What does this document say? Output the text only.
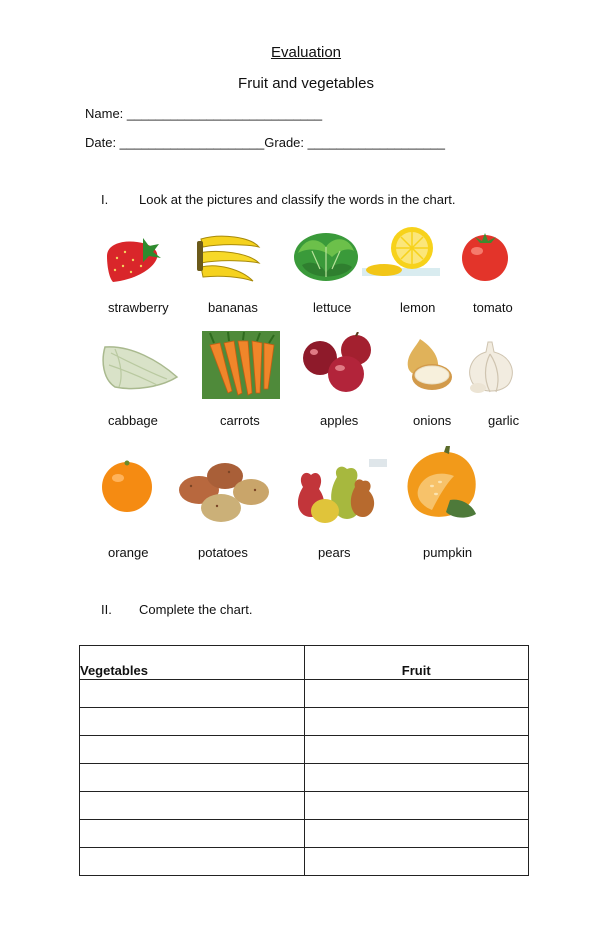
Evaluation
Fruit and vegetables
Name: ___________________________
Date: ____________________Grade: ___________________
I. Look at the pictures and classify the words in the chart.
strawberry	bananas	lettuce	lemon	tomato
cabbage	carrots	apples	onions	garlic
orange	potatoes	pears	pumpkin
II. Complete the chart.
Vegetables	Fruit
